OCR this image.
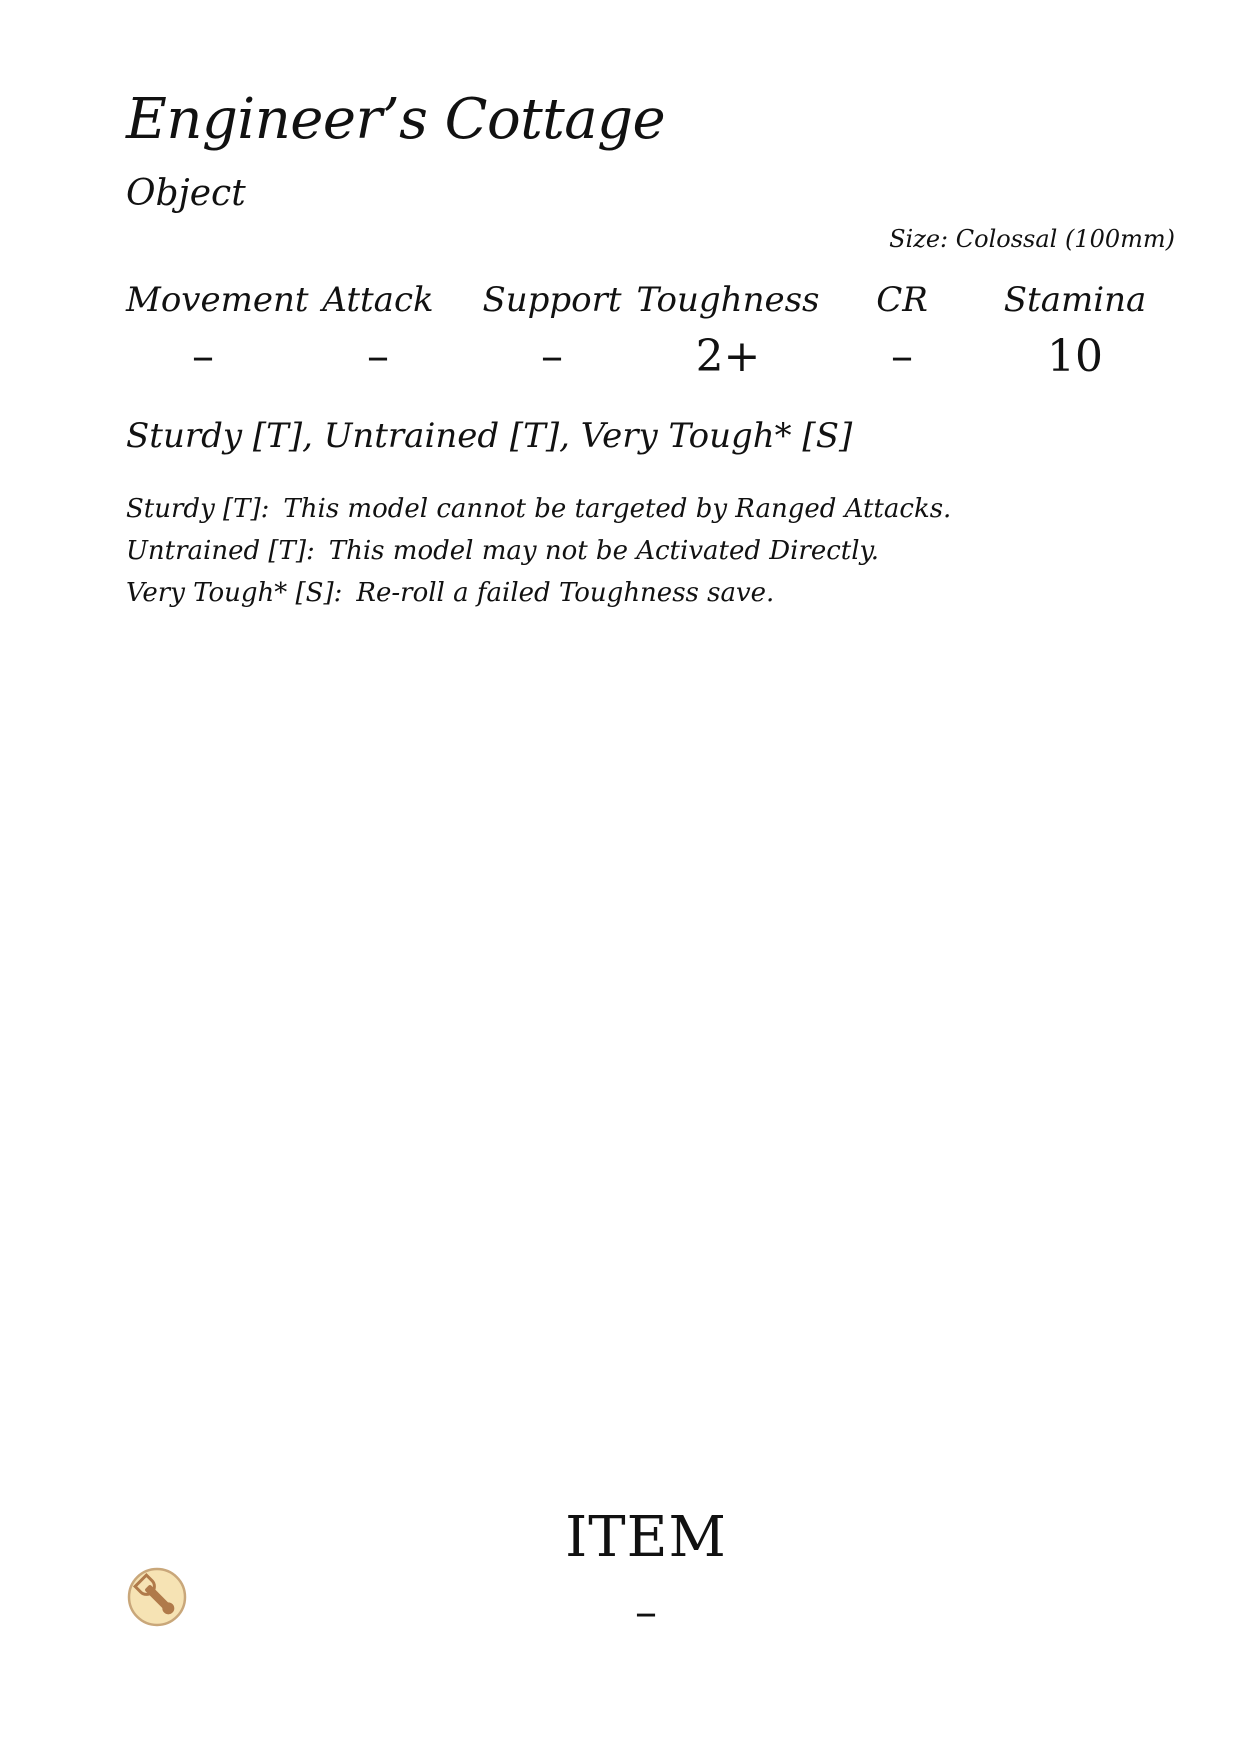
Engineer’s Cottage
Object
Size: Colossal (100mm)
Movement
–
Attack
–
Support
–
Toughness
2+
CR
–
Stamina
10
Sturdy [T], Untrained [T], Very Tough* [S]
Sturdy [T]: This model cannot be targeted by Ranged Attacks.
Untrained [T]: This model may not be Activated Directly.
Very Tough* [S]: Re-roll a failed Toughness save.
ITEM
–
